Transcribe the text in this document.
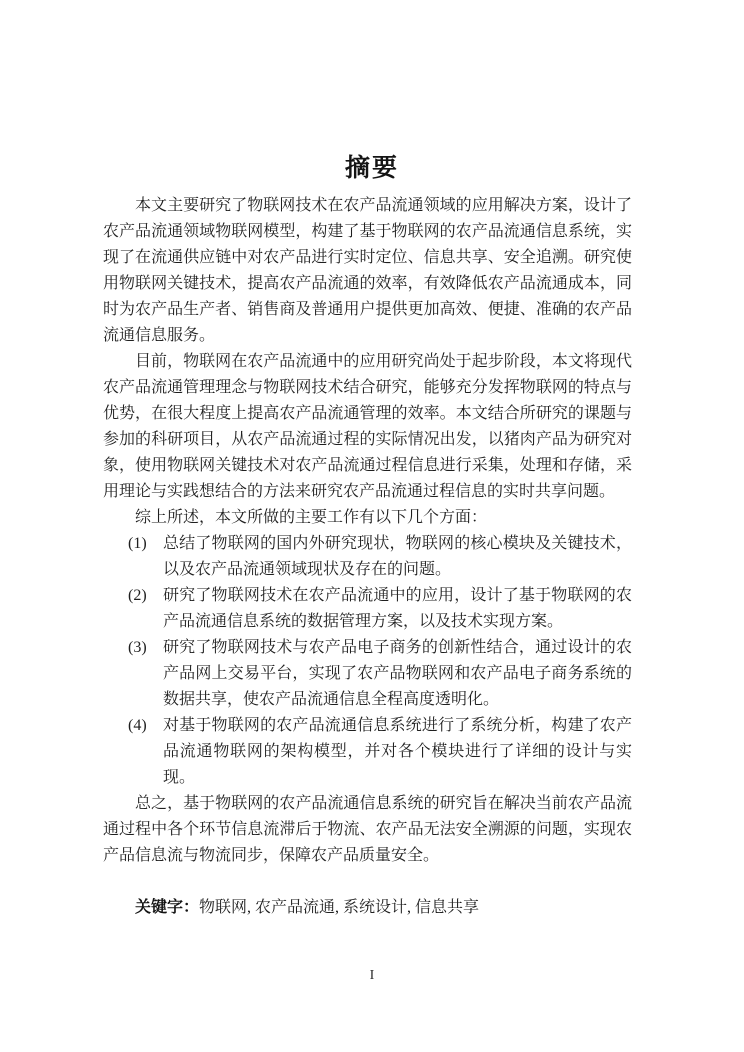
摘要

本文主要研究了物联网技术在农产品流通领域的应用解决方案，设计了农产品流通领域物联网模型，构建了基于物联网的农产品流通信息系统，实现了在流通供应链中对农产品进行实时定位、信息共享、安全追溯。研究使用物联网关键技术，提高农产品流通的效率，有效降低农产品流通成本，同时为农产品生产者、销售商及普通用户提供更加高效、便捷、准确的农产品流通信息服务。

目前，物联网在农产品流通中的应用研究尚处于起步阶段，本文将现代农产品流通管理理念与物联网技术结合研究，能够充分发挥物联网的特点与优势，在很大程度上提高农产品流通管理的效率。本文结合所研究的课题与参加的科研项目，从农产品流通过程的实际情况出发，以猪肉产品为研究对象，使用物联网关键技术对农产品流通过程信息进行采集，处理和存储，采用理论与实践想结合的方法来研究农产品流通过程信息的实时共享问题。

综上所述，本文所做的主要工作有以下几个方面：

(1)	总结了物联网的国内外研究现状，物联网的核心模块及关键技术，以及农产品流通领域现状及存在的问题。
(2)	研究了物联网技术在农产品流通中的应用，设计了基于物联网的农产品流通信息系统的数据管理方案，以及技术实现方案。
(3)	研究了物联网技术与农产品电子商务的创新性结合，通过设计的农产品网上交易平台，实现了农产品物联网和农产品电子商务系统的数据共享，使农产品流通信息全程高度透明化。
(4)	对基于物联网的农产品流通信息系统进行了系统分析，构建了农产品流通物联网的架构模型，并对各个模块进行了详细的设计与实现。

总之，基于物联网的农产品流通信息系统的研究旨在解决当前农产品流通过程中各个环节信息流滞后于物流、农产品无法安全溯源的问题，实现农产品信息流与物流同步，保障农产品质量安全。

关键字：物联网, 农产品流通, 系统设计, 信息共享

I
